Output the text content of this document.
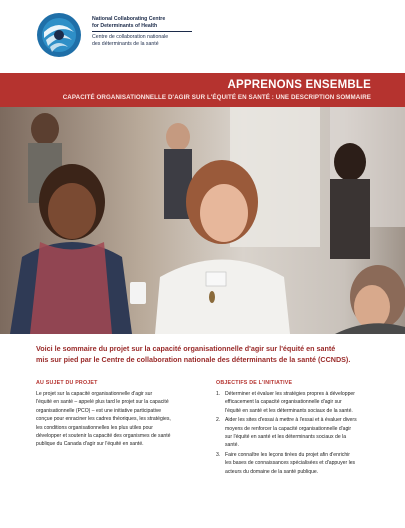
National Collaborating Centre
for Determinants of Health
Centre de collaboration nationale
des déterminants de la santé
APPRENONS ENSEMBLE
CAPACITÉ ORGANISATIONNELLE D'AGIR SUR L'ÉQUITÉ EN SANTÉ : UNE DESCRIPTION SOMMAIRE
Voici le sommaire du projet sur la capacité organisationnelle d'agir sur l'équité en santé
mis sur pied par le Centre de collaboration nationale des déterminants de la santé (CCNDS).
AU SUJET DU PROJET
Le projet sur la capacité organisationnelle d'agir sur
l'équité en santé – appelé plus tard le projet sur la capacité
organisationnelle (PCO) – est une initiative participative
conçue pour enraciner les cadres théoriques, les stratégies,
les conditions organisationnelles les plus utiles pour
développer et soutenir la capacité des organismes de santé
publique du Canada d'agir sur l'équité en santé.
OBJECTIFS DE L'INITIATIVE
1. Déterminer et évaluer les stratégies propres à développer
efficacement la capacité organisationnelle d'agir sur
l'équité en santé et les déterminants sociaux de la santé.
2. Aider les sites d'essai à mettre à l'essai et à évaluer divers
moyens de renforcer la capacité organisationnelle d'agir
sur l'équité en santé et les déterminants sociaux de la
santé.
3. Faire connaître les leçons tirées du projet afin d'enrichir
les bases de connaissances spécialisées et d'appuyer les
acteurs du domaine de la santé publique.
